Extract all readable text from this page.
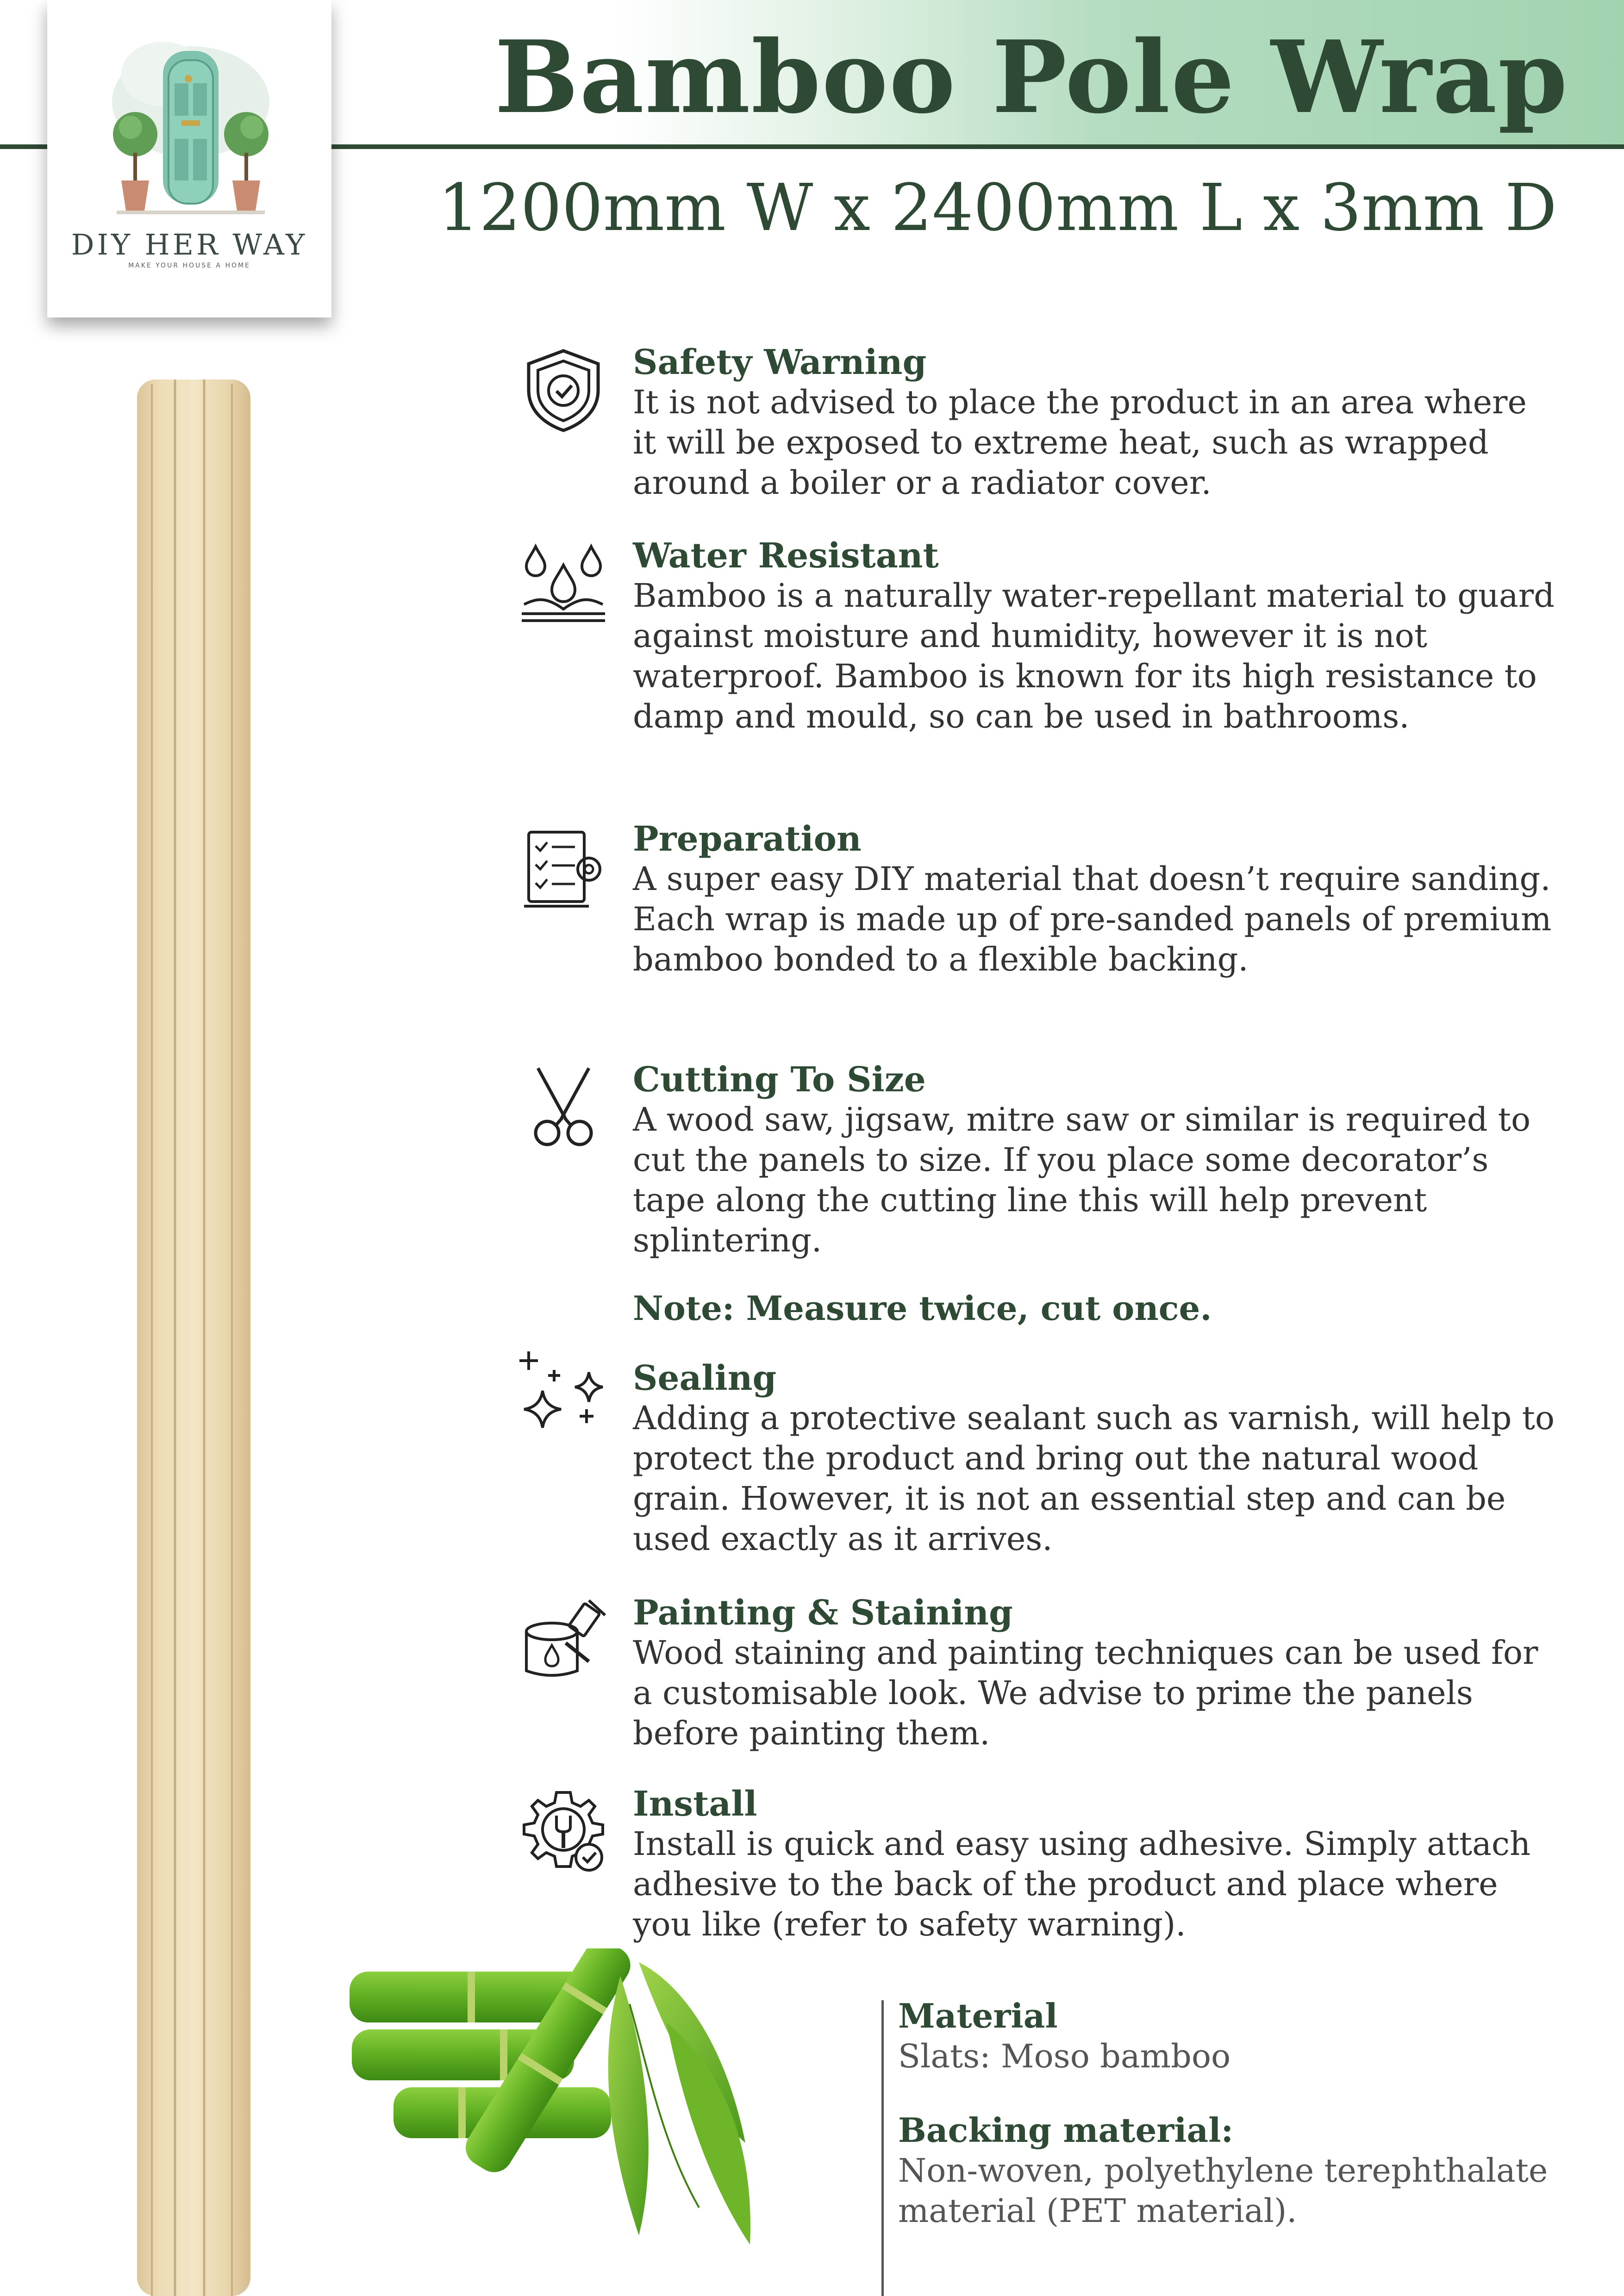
Bamboo Pole Wrap
1200mm W x 2400mm L x 3mm D
DIY HER WAY
MAKE YOUR HOUSE A HOME
Safety Warning

It is not advised to place the product in an area where it will be exposed to extreme heat, such as wrapped around a boiler or a radiator cover.

Water Resistant

Bamboo is a naturally water-repellant material to guard against moisture and humidity, however it is not waterproof. Bamboo is known for its high resistance to damp and mould, so can be used in bathrooms.

Preparation

A super easy DIY material that doesn’t require sanding. Each wrap is made up of pre-sanded panels of premium bamboo bonded to a flexible backing.

Cutting To Size

A wood saw, jigsaw, mitre saw or similar is required to cut the panels to size. If you place some decorator’s tape along the cutting line this will help prevent splintering.

Note: Measure twice, cut once.
Sealing

Adding a protective sealant such as varnish, will help to protect the product and bring out the natural wood grain. However, it is not an essential step and can be used exactly as it arrives.

Painting & Staining

Wood staining and painting techniques can be used for a customisable look. We advise to prime the panels before painting them.

Install

Install is quick and easy using adhesive. Simply attach adhesive to the back of the product and place where you like (refer to safety warning).

Material

Slats: Moso bamboo

Backing material:

Non-woven, polyethylene terephthalate material (PET material).
